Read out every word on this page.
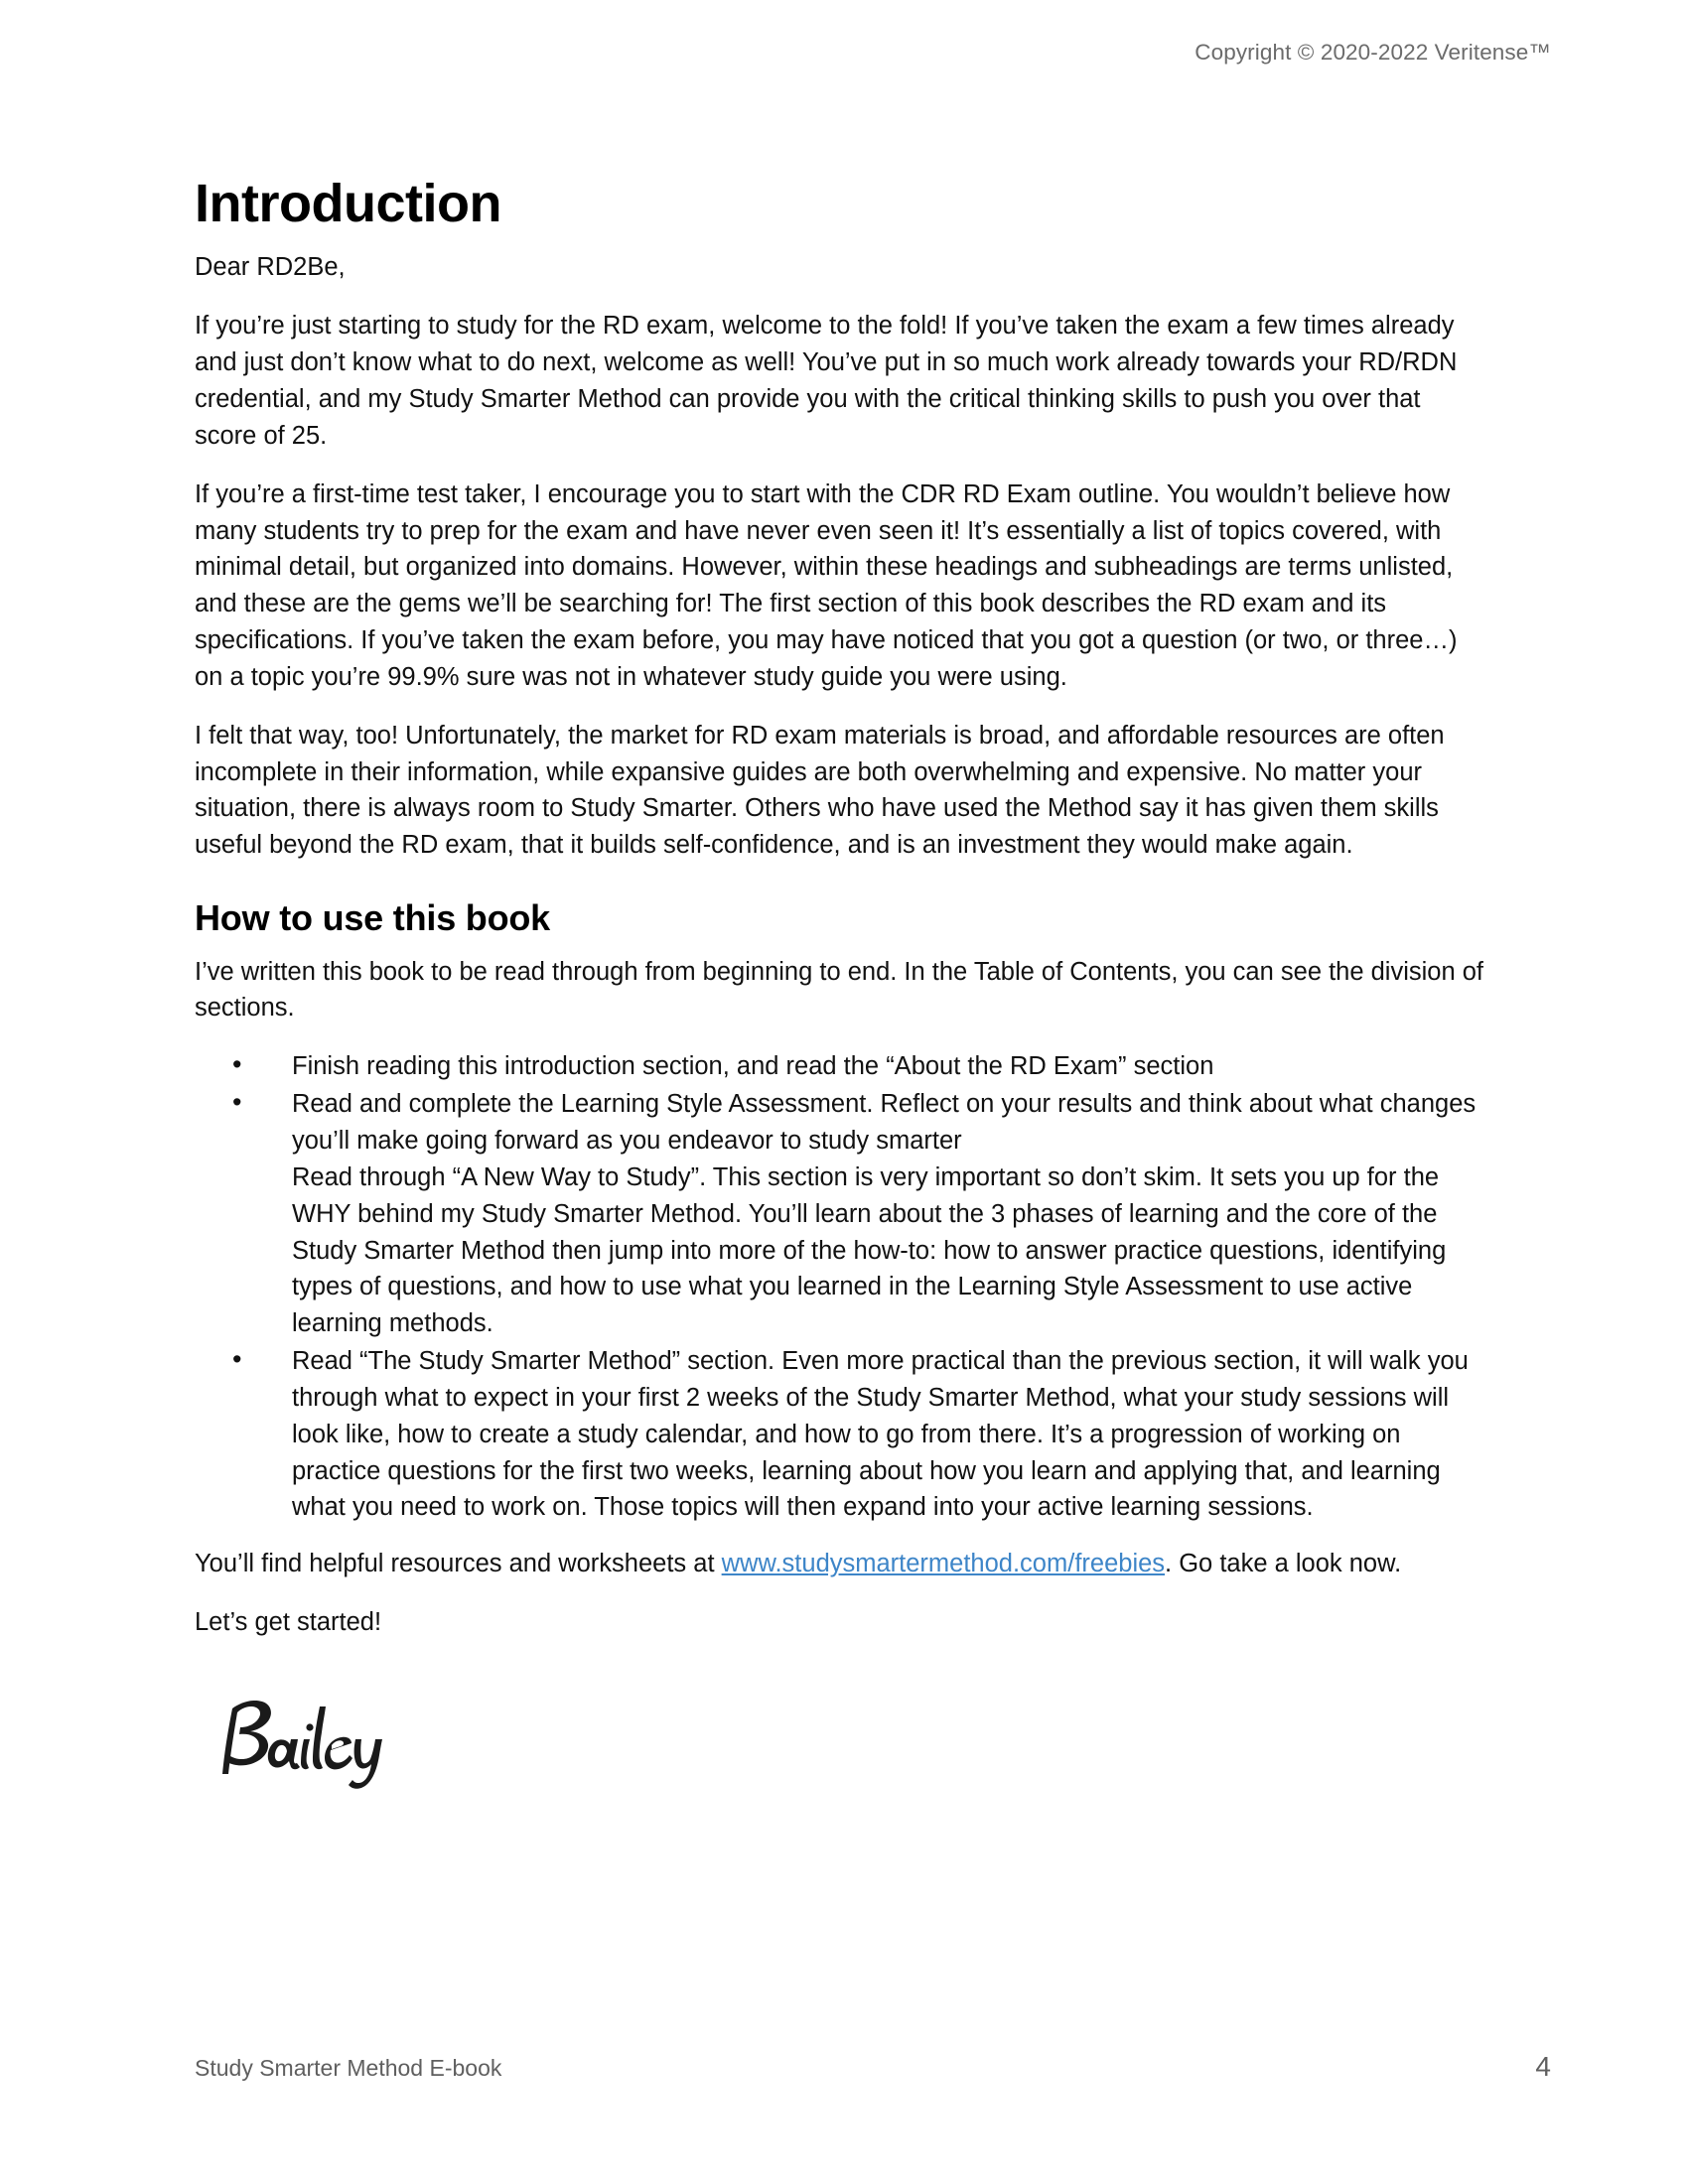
Copyright © 2020-2022 Veritense™
Introduction

Dear RD2Be,

If you’re just starting to study for the RD exam, welcome to the fold! If you’ve taken the exam a few times already and just don’t know what to do next, welcome as well! You’ve put in so much work already towards your RD/RDN credential, and my Study Smarter Method can provide you with the critical thinking skills to push you over that score of 25.

If you’re a first-time test taker, I encourage you to start with the CDR RD Exam outline. You wouldn’t believe how many students try to prep for the exam and have never even seen it! It’s essentially a list of topics covered, with minimal detail, but organized into domains. However, within these headings and subheadings are terms unlisted, and these are the gems we’ll be searching for! The first section of this book describes the RD exam and its specifications. If you’ve taken the exam before, you may have noticed that you got a question (or two, or three…) on a topic you’re 99.9% sure was not in whatever study guide you were using.

I felt that way, too! Unfortunately, the market for RD exam materials is broad, and affordable resources are often incomplete in their information, while expansive guides are both overwhelming and expensive. No matter your situation, there is always room to Study Smarter. Others who have used the Method say it has given them skills useful beyond the RD exam, that it builds self-confidence, and is an investment they would make again.

How to use this book

I’ve written this book to be read through from beginning to end. In the Table of Contents, you can see the division of sections.

• Finish reading this introduction section, and read the “About the RD Exam” section
• Read and complete the Learning Style Assessment. Reflect on your results and think about what changes you’ll make going forward as you endeavor to study smarter
Read through “A New Way to Study”. This section is very important so don’t skim. It sets you up for the WHY behind my Study Smarter Method. You’ll learn about the 3 phases of learning and the core of the Study Smarter Method then jump into more of the how-to: how to answer practice questions, identifying types of questions, and how to use what you learned in the Learning Style Assessment to use active learning methods.
• Read “The Study Smarter Method” section. Even more practical than the previous section, it will walk you through what to expect in your first 2 weeks of the Study Smarter Method, what your study sessions will look like, how to create a study calendar, and how to go from there. It’s a progression of working on practice questions for the first two weeks, learning about how you learn and applying that, and learning what you need to work on. Those topics will then expand into your active learning sessions.

You’ll find helpful resources and worksheets at www.studysmartermethod.com/freebies. Go take a look now.

Let’s get started!

Study Smarter Method E-book	4
